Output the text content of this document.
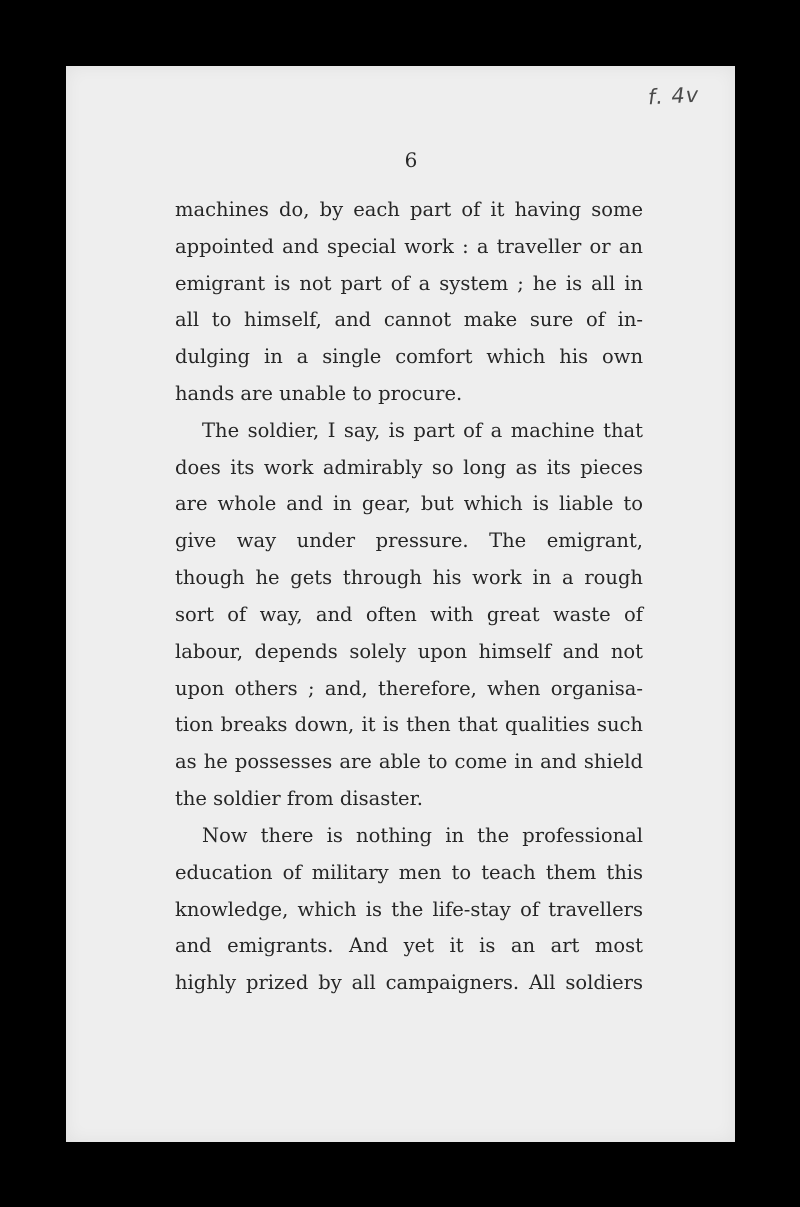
f. 4v
6
machines do, by each part of it having some
appointed and special work : a traveller or an
emigrant is not part of a system ; he is all in
all to himself, and cannot make sure of in-
dulging in a single comfort which his own
hands are unable to procure.
The soldier, I say, is part of a machine that
does its work admirably so long as its pieces
are whole and in gear, but which is liable to
give way under pressure. The emigrant,
though he gets through his work in a rough
sort of way, and often with great waste of
labour, depends solely upon himself and not
upon others ; and, therefore, when organisa-
tion breaks down, it is then that qualities such
as he possesses are able to come in and shield
the soldier from disaster.
Now there is nothing in the professional
education of military men to teach them this
knowledge, which is the life-stay of travellers
and emigrants. And yet it is an art most
highly prized by all campaigners. All soldiers
